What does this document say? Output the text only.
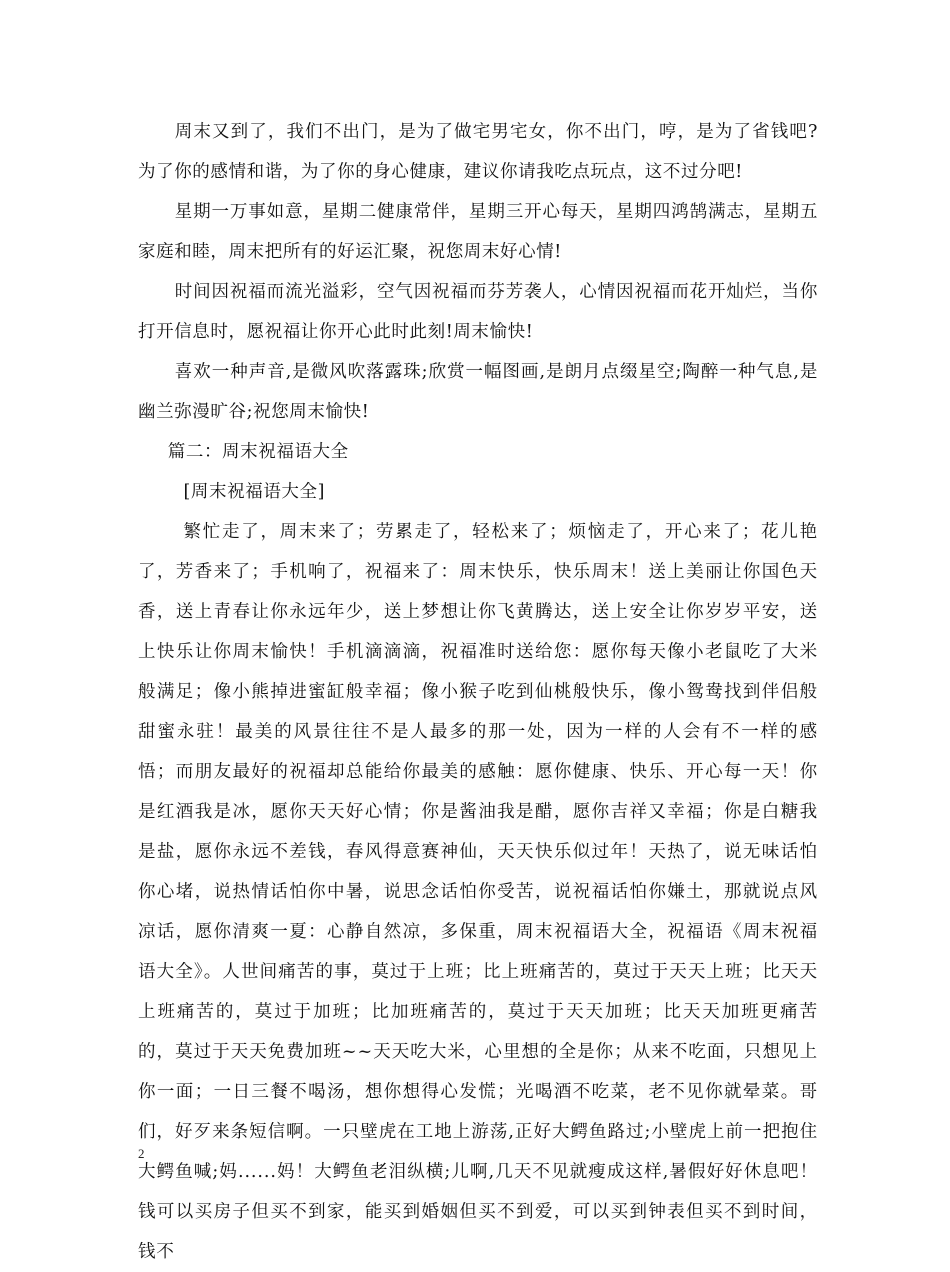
周末又到了，我们不出门，是为了做宅男宅女，你不出门，哼，是为了省钱吧?为了你的感情和谐，为了你的身心健康，建议你请我吃点玩点，这不过分吧!

星期一万事如意，星期二健康常伴，星期三开心每天，星期四鸿鹄满志，星期五家庭和睦，周末把所有的好运汇聚，祝您周末好心情!

时间因祝福而流光溢彩，空气因祝福而芬芳袭人，心情因祝福而花开灿烂，当你打开信息时，愿祝福让你开心此时此刻!周末愉快!

喜欢一种声音,是微风吹落露珠;欣赏一幅图画,是朗月点缀星空;陶醉一种气息,是幽兰弥漫旷谷;祝您周末愉快!

篇二：周末祝福语大全

[周末祝福语大全]

繁忙走了，周末来了；劳累走了，轻松来了；烦恼走了，开心来了；花儿艳了，芳香来了；手机响了，祝福来了：周末快乐，快乐周末！送上美丽让你国色天香，送上青春让你永远年少，送上梦想让你飞黄腾达，送上安全让你岁岁平安，送上快乐让你周末愉快！手机滴滴滴，祝福准时送给您：愿你每天像小老鼠吃了大米般满足；像小熊掉进蜜缸般幸福；像小猴子吃到仙桃般快乐，像小鸳鸯找到伴侣般甜蜜永驻！最美的风景往往不是人最多的那一处，因为一样的人会有不一样的感悟；而朋友最好的祝福却总能给你最美的感触：愿你健康、快乐、开心每一天！你是红酒我是冰，愿你天天好心情；你是酱油我是醋，愿你吉祥又幸福；你是白糖我是盐，愿你永远不差钱，春风得意赛神仙，天天快乐似过年！天热了，说无味话怕你心堵，说热情话怕你中暑，说思念话怕你受苦，说祝福话怕你嫌土，那就说点风凉话，愿你清爽一夏：心静自然凉，多保重，周末祝福语大全，祝福语《周末祝福语大全》。人世间痛苦的事，莫过于上班；比上班痛苦的，莫过于天天上班；比天天上班痛苦的，莫过于加班；比加班痛苦的，莫过于天天加班；比天天加班更痛苦的，莫过于天天免费加班~~天天吃大米，心里想的全是你；从来不吃面，只想见上你一面；一日三餐不喝汤，想你想得心发慌；光喝酒不吃菜，老不见你就晕菜。哥们，好歹来条短信啊。一只壁虎在工地上游荡,正好大鳄鱼路过;小壁虎上前一把抱住大鳄鱼喊;妈......妈！大鳄鱼老泪纵横;儿啊,几天不见就瘦成这样,暑假好好休息吧！钱可以买房子但买不到家，能买到婚姻但买不到爱，可以买到钟表但买不到时间，钱不

2
